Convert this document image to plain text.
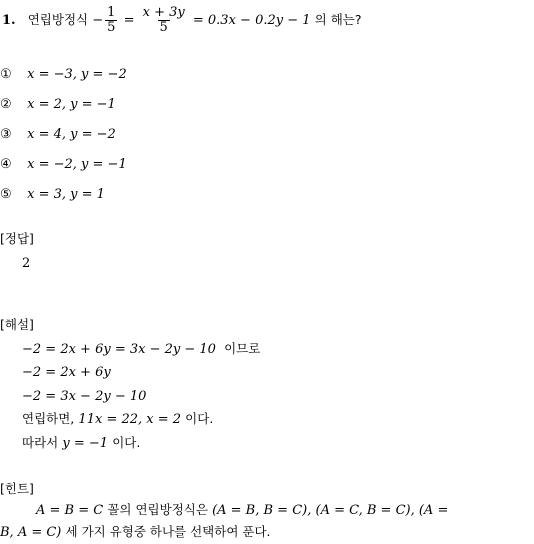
1. 연립방정식 − $\frac{1}{5} = \frac{x + 3y}{5} = 0.3x - 0.2y - 1$ 의 해는?
① x = −3, y = −2
② x = 2, y = −1
③ x = 4, y = −2
④ x = −2, y = −1
⑤ x = 3, y = 1
[정답]
2
[해설]
−2 = 2x + 6y = 3x − 2y − 10 이므로
−2 = 2x + 6y
−2 = 3x − 2y − 10
연립하면, 11x = 22, x = 2 이다.
따라서 y = −1 이다.
[힌트]
A = B = C 꼴의 연립방정식은 (A = B, B = C), (A = C, B = C), (A =
B, A = C) 세 가지 유형중 하나를 선택하여 푼다.
